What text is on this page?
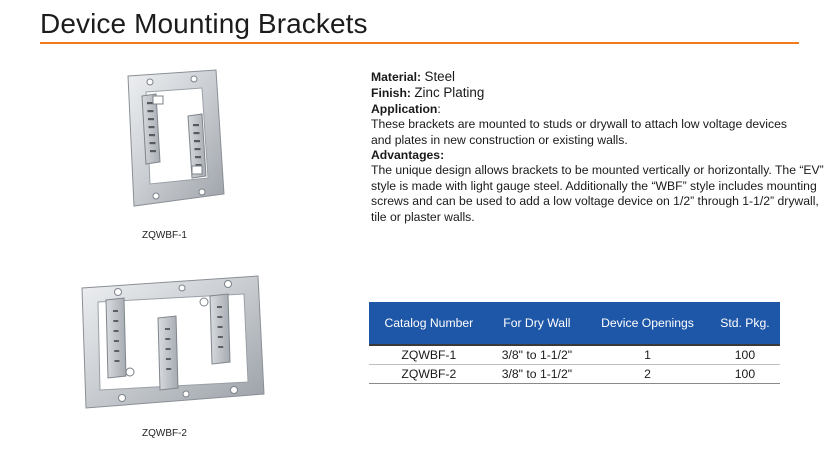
Device Mounting Brackets
ZQWBF-1
ZQWBF-2
Material: Steel
Finish: Zinc Plating
Application:
These brackets are mounted to studs or drywall to attach low voltage devices and plates in new construction or existing walls.
Advantages:
The unique design allows brackets to be mounted vertically or horizontally. The “EV” style is made with light gauge steel. Additionally the “WBF” style includes mounting screws and can be used to add a low voltage device on 1/2” through 1-1/2” drywall, tile or plaster walls.
Catalog Number	For Dry Wall	Device Openings	Std. Pkg.
ZQWBF-1	3/8" to 1-1/2"	1	100
ZQWBF-2	3/8" to 1-1/2"	2	100
